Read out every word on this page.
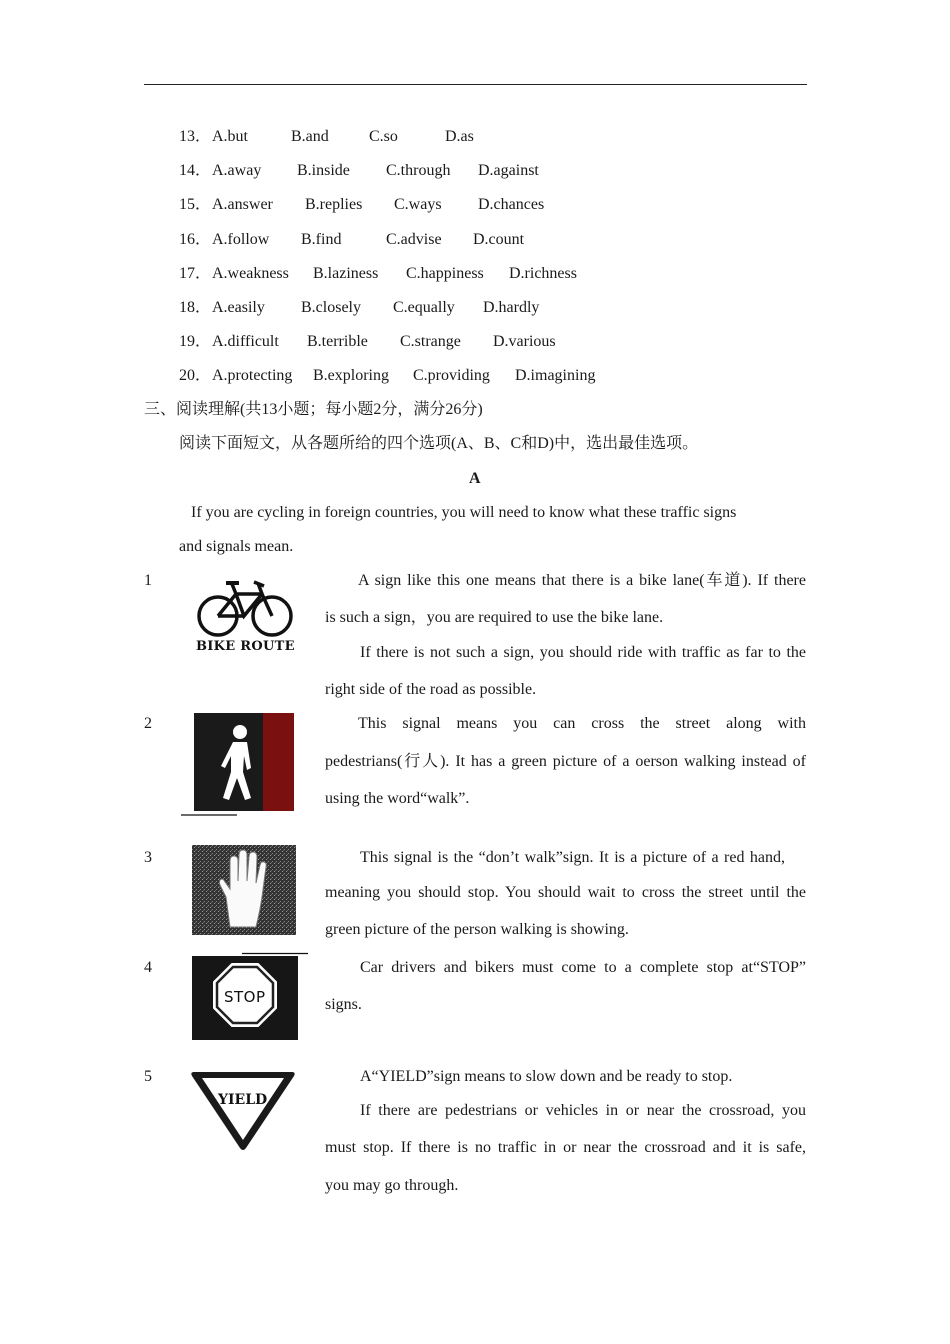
13． A.but	B.and	C.so	D.as
14． A.away B.inside C.through D.against
15． A.answer B.replies C.ways D.chances
16． A.follow B.find	C.advise D.count
17． A.weakness B.laziness C.happiness D.richness
18． A.easily B.closely C.equally D.hardly
19． A.difficult B.terrible C.strange D.various
20． A.protecting B.exploring C.providing D.imagining
三、阅读理解(共13小题；每小题2分，满分26分)
阅读下面短文，从各题所给的四个选项(A、B、C和D)中，选出最佳选项。
A
If you are cycling in foreign countries, you will need to know what these traffic signs
and signals mean.
1
BIKE ROUTE
A sign like this one means that there is a bike lane(车道). If there
is such a sign，you are required to use the bike lane.
If there is not such a sign, you should ride with traffic as far to the
right side of the road as possible.
2	This signal means you can cross the street along with
pedestrians(行人). It has a green picture of a oerson walking instead of
using the word“walk”.
3	This signal is the “don’t walk”sign. It is a picture of a red hand,
meaning you should stop. You should wait to cross the street until the
green picture of the person walking is showing.
4
STOP
Car drivers and bikers must come to a complete stop at“STOP”
signs.
5
YIELD
A“YIELD”sign means to slow down and be ready to stop.
If there are pedestrians or vehicles in or near the crossroad, you
must stop. If there is no traffic in or near the crossroad and it is safe,
you may go through.
